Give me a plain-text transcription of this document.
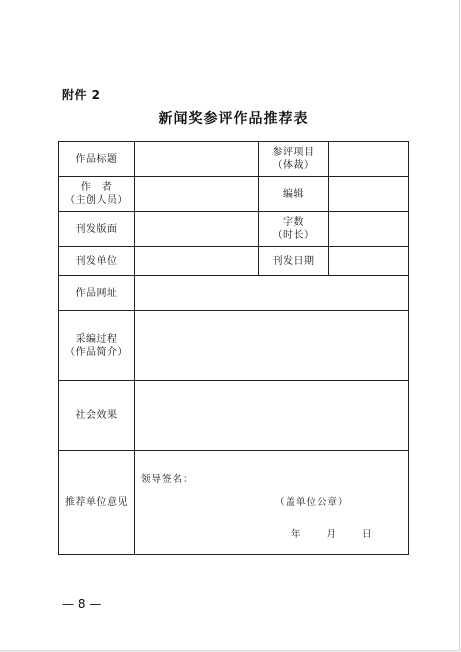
附件 2
新闻奖参评作品推荐表
作品标题		参评项目
（体裁）	

作　者
（主创人员）		编辑	
刊发版面		字数
（时长）	

刊发单位		刊发日期	
作品网址			

采编过程
（作品简介）			

社会效果			
推荐单位意见	领导签名：
（盖单位公章）
年 月 日		
— 8 —
